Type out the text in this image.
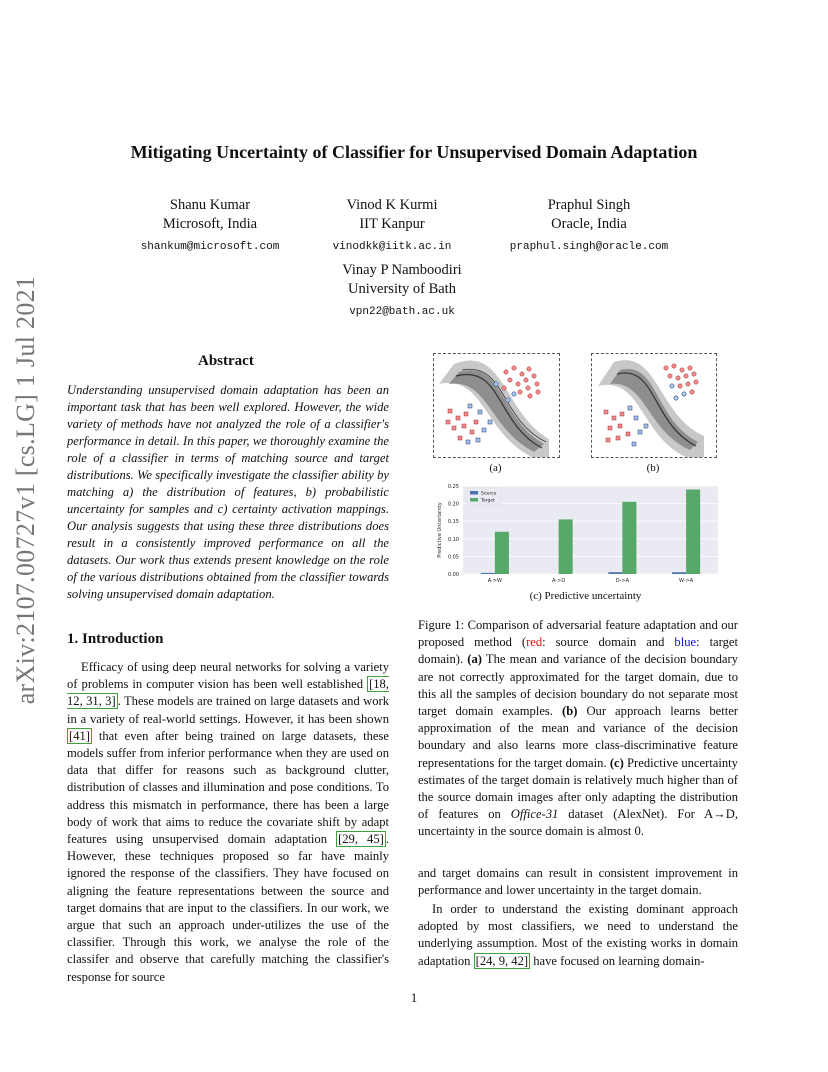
Mitigating Uncertainty of Classifier for Unsupervised Domain Adaptation
Shanu Kumar
Microsoft, India
shankum@microsoft.com
Vinod K Kurmi
IIT Kanpur
vinodkk@iitk.ac.in
Praphul Singh
Oracle, India
praphul.singh@oracle.com
Vinay P Namboodiri
University of Bath
vpn22@bath.ac.uk
arXiv:2107.00727v1 [cs.LG] 1 Jul 2021	Abstract
Understanding unsupervised domain adaptation has been an important task that has been well explored. However, the wide variety of methods have not analyzed the role of a classifier's performance in detail. In this paper, we thoroughly examine the role of a classifier in terms of matching source and target distributions. We specifically investigate the classifier ability by matching a) the distribution of features, b) probabilistic uncertainty for samples and c) certainty activation mappings. Our analysis suggests that using these three distributions does result in a consistently improved performance on all the datasets. Our work thus extends present knowledge on the role of the various distributions obtained from the classifier towards solving unsupervised domain adaptation.
1. Introduction
Efficacy of using deep neural networks for solving a variety of problems in computer vision has been well established [18, 12, 31, 3] . These models are trained on large datasets and work in a variety of real-world settings. However, it has been shown [41] that even after being trained on large datasets, these models suffer from inferior performance when they are used on data that differ for reasons such as background clutter, distribution of classes and illumination and pose conditions. To address this mismatch in performance, there has been a large body of work that aims to reduce the covariate shift by adapt features using unsupervised domain adaptation [29, 45] . However, these techniques proposed so far have mainly ignored the response of the classifiers. They have focused on aligning the feature representations between the source and target domains that are input to the classifiers. In our work, we argue that such an approach under-utilizes the use of the classifier. Through this work, we analyse the role of the classifer and observe that carefully matching the classifier's response for source
(a)	(b)
0.00
0.05
0.10
0.15
0.20
0.25
Predictive Uncertainty
A->W	A->D	D->A	W->A
Source
Target
(c) Predictive uncertainty
Figure 1: Comparison of adversarial feature adaptation and our proposed method (red: source domain and blue: target domain). (a) The mean and variance of the decision boundary are not correctly approximated for the target domain, due to this all the samples of decision boundary do not separate most target domain examples. (b) Our approach learns better approximation of the mean and variance of the decision boundary and also learns more class-discriminative feature representations for the target domain. (c) Predictive uncertainty estimates of the target domain is relatively much higher than of the source domain images after only adapting the distribution of features on Office-31 dataset (AlexNet). For A→D, uncertainty in the source domain is almost 0.
and target domains can result in consistent improvement in performance and lower uncertainty in the target domain.
In order to understand the existing dominant approach adopted by most classifiers, we need to understand the underlying assumption. Most of the existing works in domain adaptation [24, 9, 42] have focused on learning domain-
1
